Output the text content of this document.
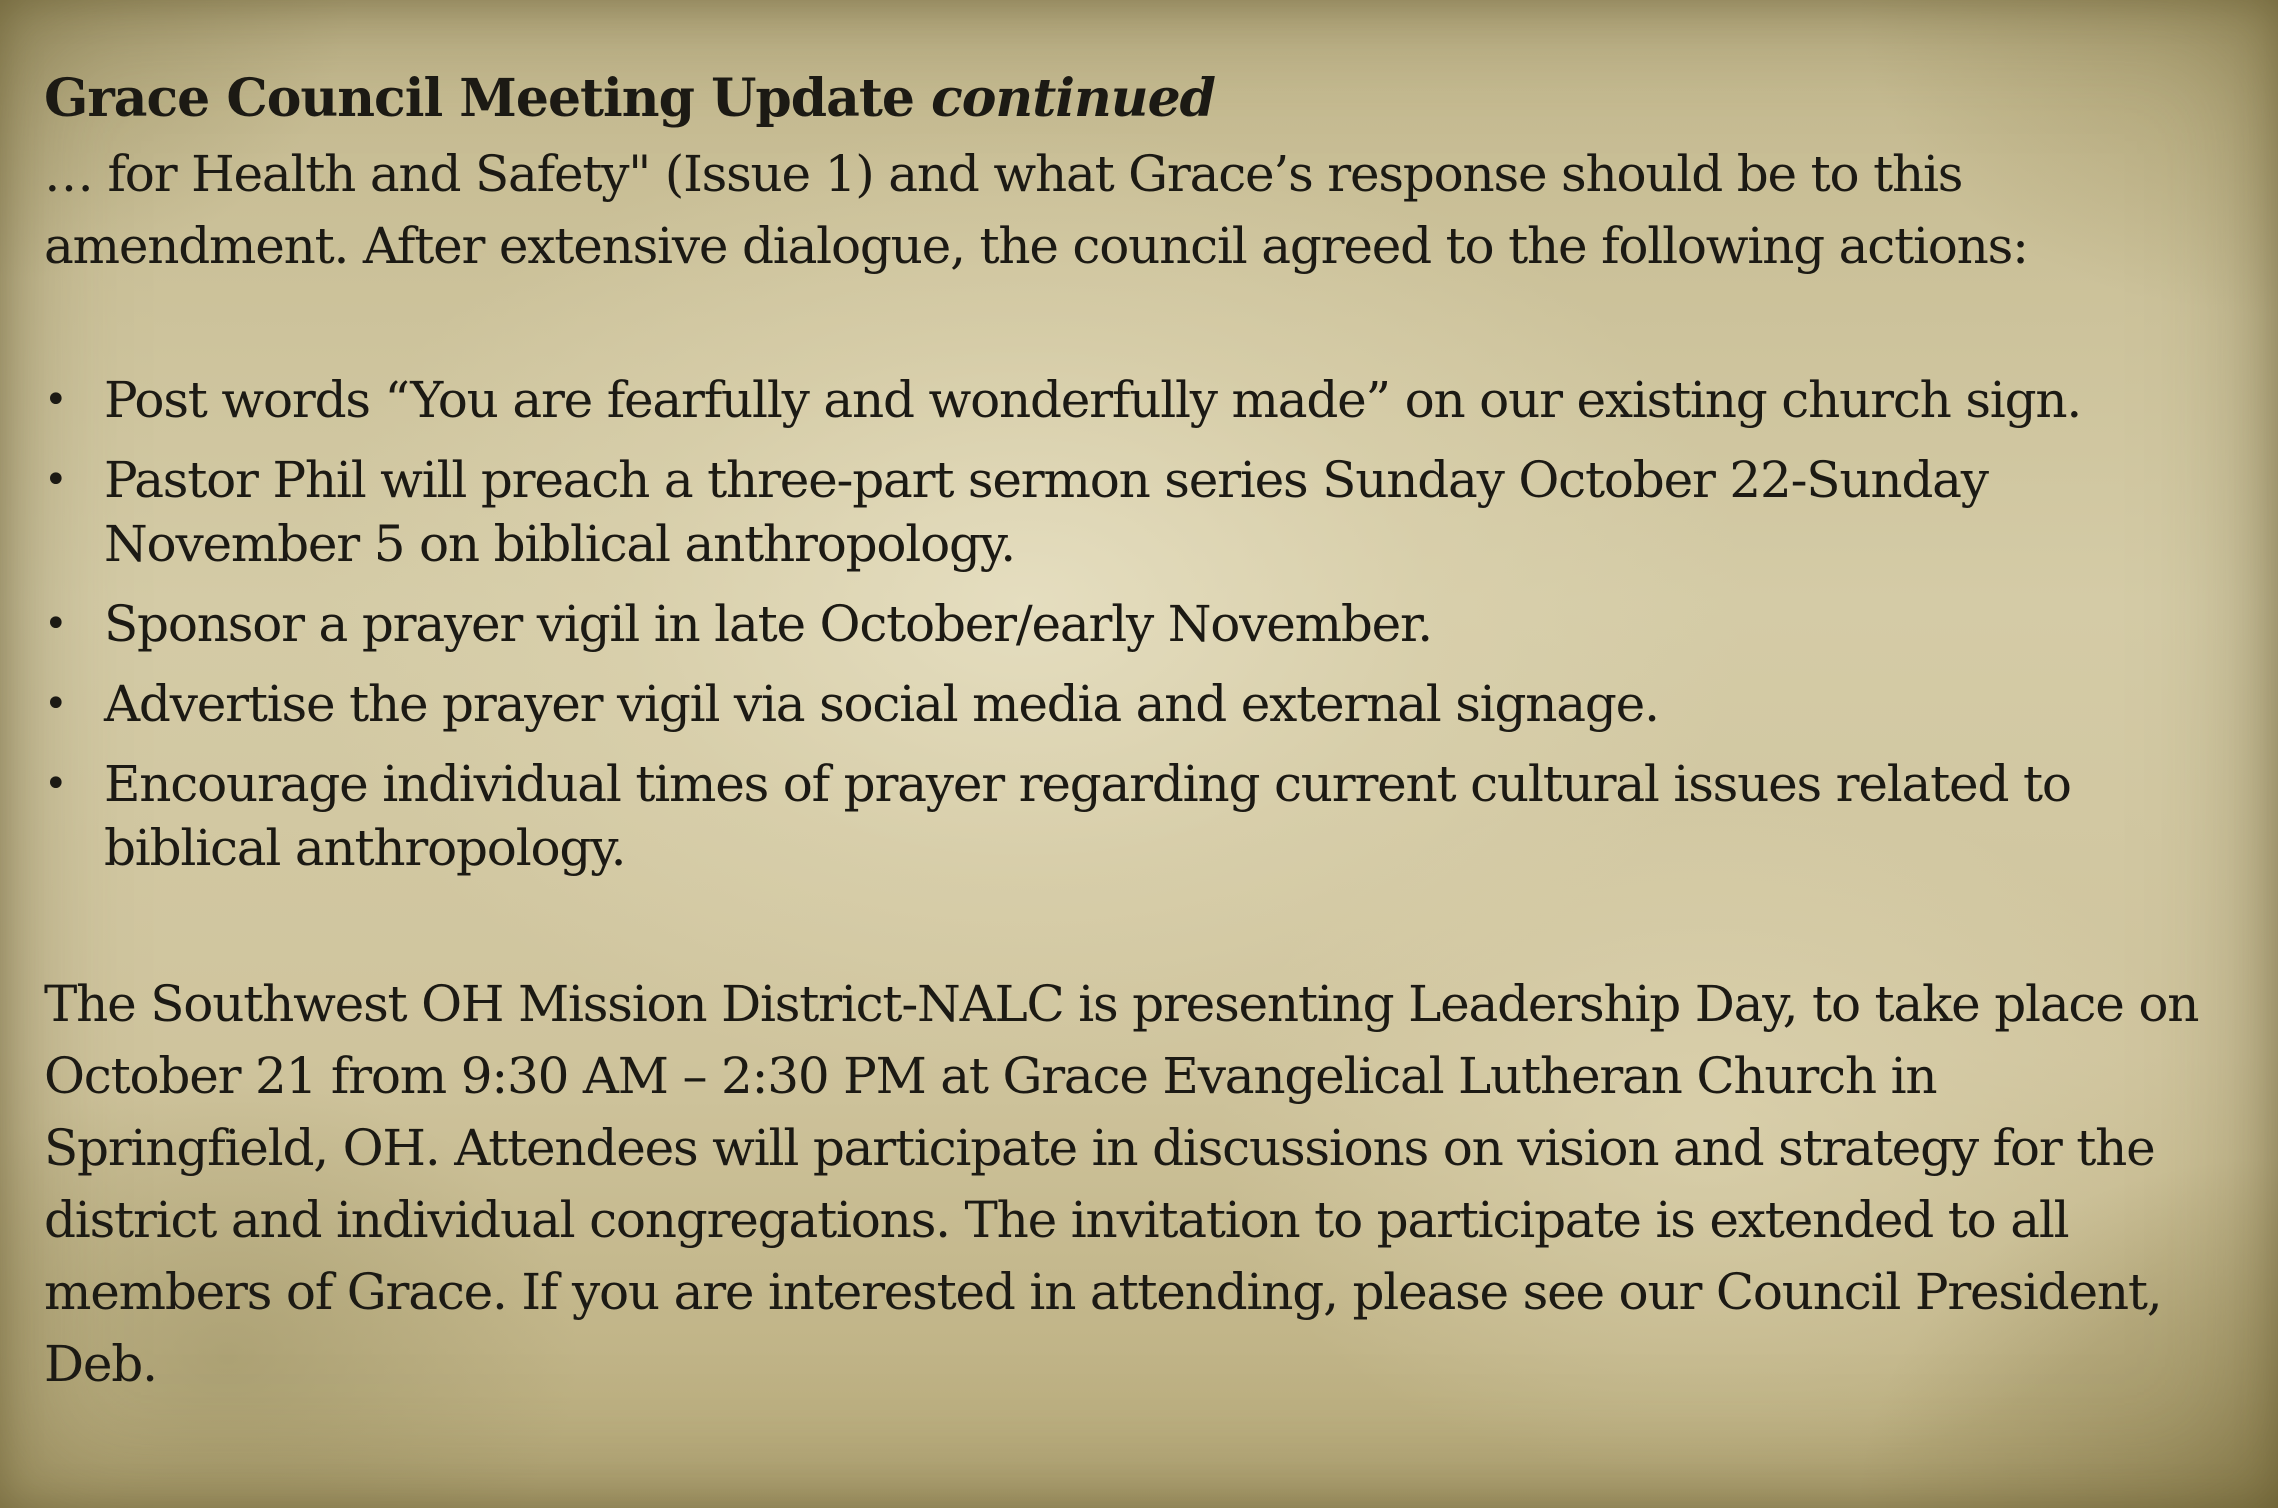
Grace Council Meeting Update continued

… for Health and Safety" (Issue 1) and what Grace’s response should be to this amendment. After extensive dialogue, the council agreed to the following actions:

• Post words “You are fearfully and wonderfully made” on our existing church sign.
• Pastor Phil will preach a three-part sermon series Sunday October 22-Sunday November 5 on biblical anthropology.
• Sponsor a prayer vigil in late October/early November.
• Advertise the prayer vigil via social media and external signage.
• Encourage individual times of prayer regarding current cultural issues related to biblical anthropology.

The Southwest OH Mission District-NALC is presenting Leadership Day, to take place on October 21 from 9:30 AM – 2:30 PM at Grace Evangelical Lutheran Church in Springfield, OH. Attendees will participate in discussions on vision and strategy for the district and individual congregations. The invitation to participate is extended to all members of Grace. If you are interested in attending, please see our Council President, Deb.
